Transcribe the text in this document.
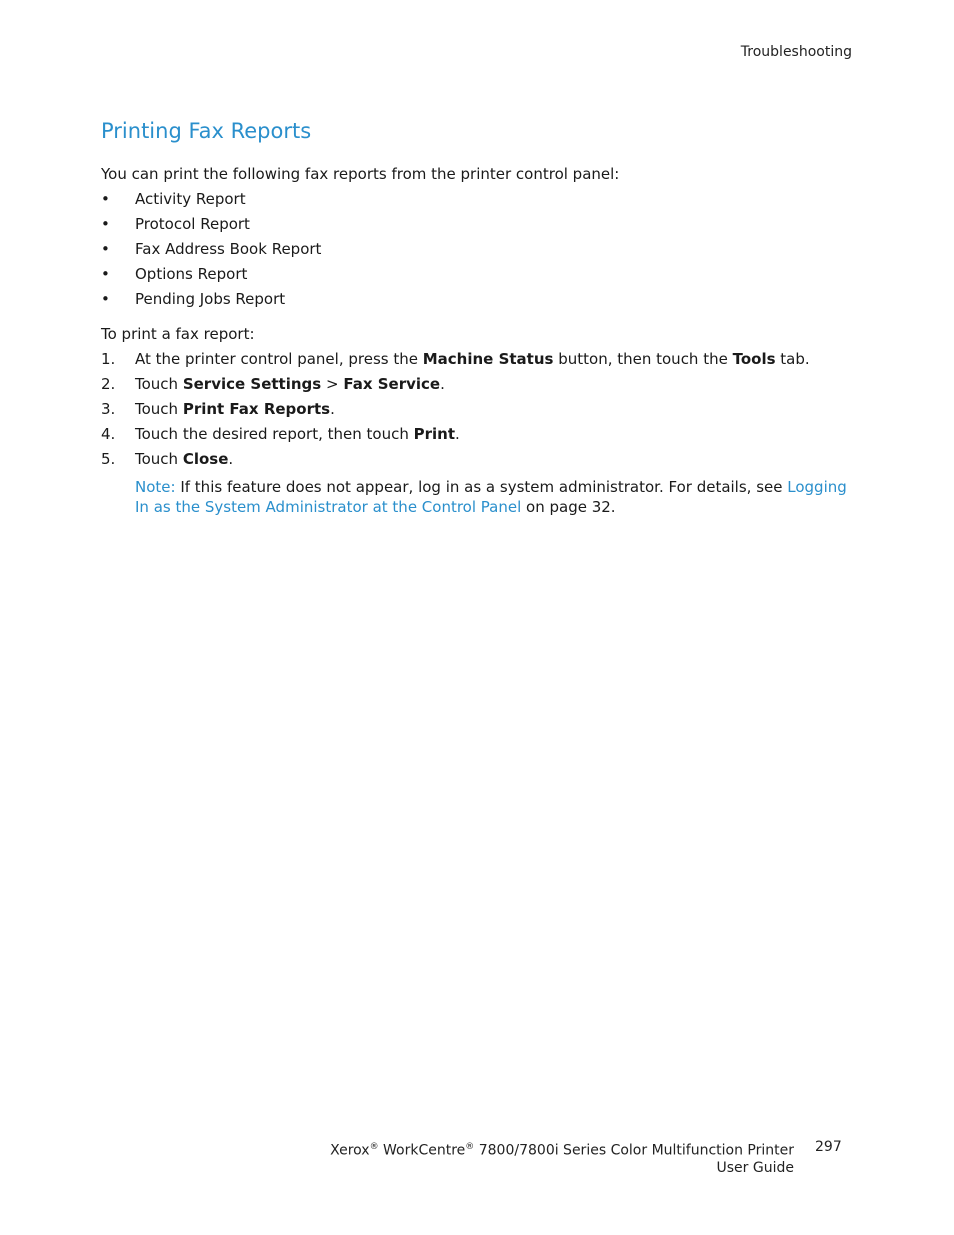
Troubleshooting
Printing Fax Reports

You can print the following fax reports from the printer control panel:

• Activity Report
• Protocol Report
• Fax Address Book Report
• Options Report
• Pending Jobs Report

To print a fax report:

1. At the printer control panel, press the Machine Status button, then touch the Tools tab.
2. Touch Service Settings > Fax Service.
3. Touch Print Fax Reports.
4. Touch the desired report, then touch Print.
5. Touch Close.

Note: If this feature does not appear, log in as a system administrator. For details, see Logging In as the System Administrator at the Control Panel on page 32.

Xerox® WorkCentre® 7800/7800i Series Color Multifunction Printer
User Guide
297
